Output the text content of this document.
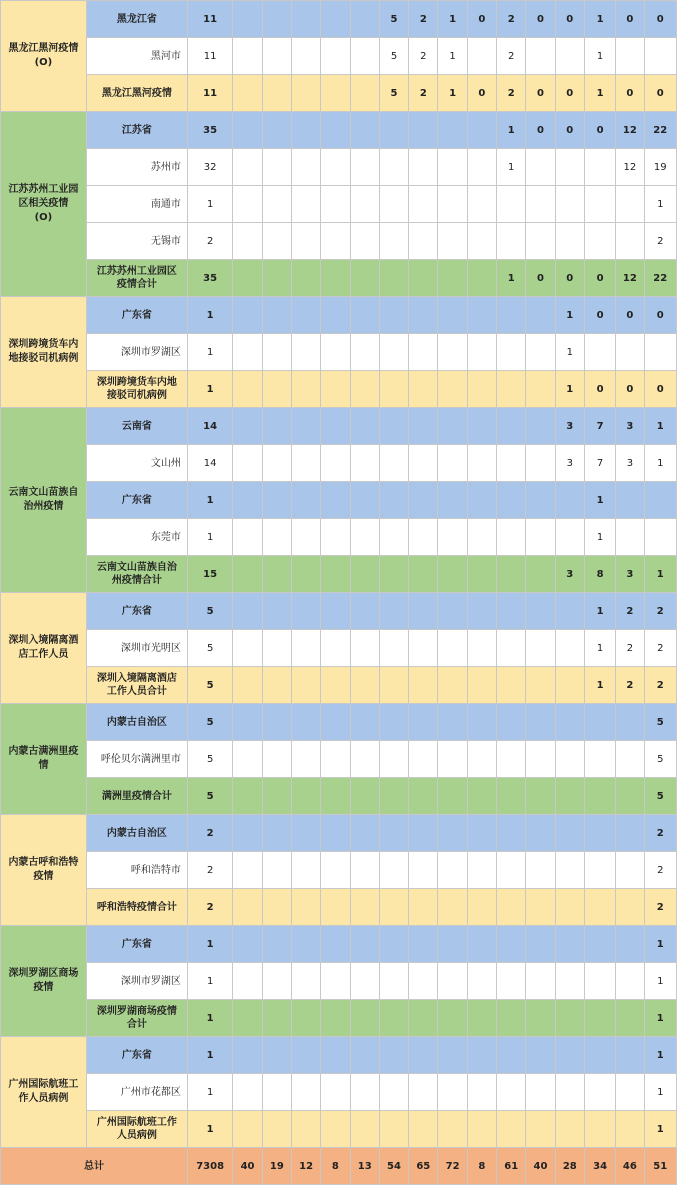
黑龙江黑河疫情
(O)	黑龙江省	11						5	2	1	0	2	0	0	1	0	0
	黑河市	11						5	2	1		2			1		
	黑龙江黑河疫情	11						5	2	1	0	2	0	0	1	0	0
江苏苏州工业园
区相关疫情
(O)	江苏省	35										1	0	0	0	12	22
	苏州市	32										1				12	19
	南通市	1															1
	无锡市	2															2
	江苏苏州工业园区
疫情合计	35										1	0	0	0	12	22
深圳跨境货车内
地接驳司机病例	广东省	1												1	0	0	0
	深圳市罗湖区	1												1			
	深圳跨境货车内地
接驳司机病例	1												1	0	0	0
云南文山苗族自
治州疫情	云南省	14												3	7	3	1
	文山州	14												3	7	3	1
	广东省	1													1		
	东莞市	1													1		
	云南文山苗族自治
州疫情合计	15												3	8	3	1
深圳入境隔离酒
店工作人员	广东省	5													1	2	2
	深圳市光明区	5													1	2	2
	深圳入境隔离酒店
工作人员合计	5													1	2	2
内蒙古满洲里疫
情	内蒙古自治区	5															5
	呼伦贝尔满洲里市	5															5
	满洲里疫情合计	5															5
内蒙古呼和浩特
疫情	内蒙古自治区	2															2
	呼和浩特市	2															2
	呼和浩特疫情合计	2															2
深圳罗湖区商场
疫情	广东省	1															1
	深圳市罗湖区	1															1
	深圳罗湖商场疫情
合计	1															1
广州国际航班工
作人员病例	广东省	1															1
	广州市花都区	1															1
	广州国际航班工作
人员病例	1															1
总计		7308	40	19	12	8	13	54	65	72	8	61	40	28	34	46	51
